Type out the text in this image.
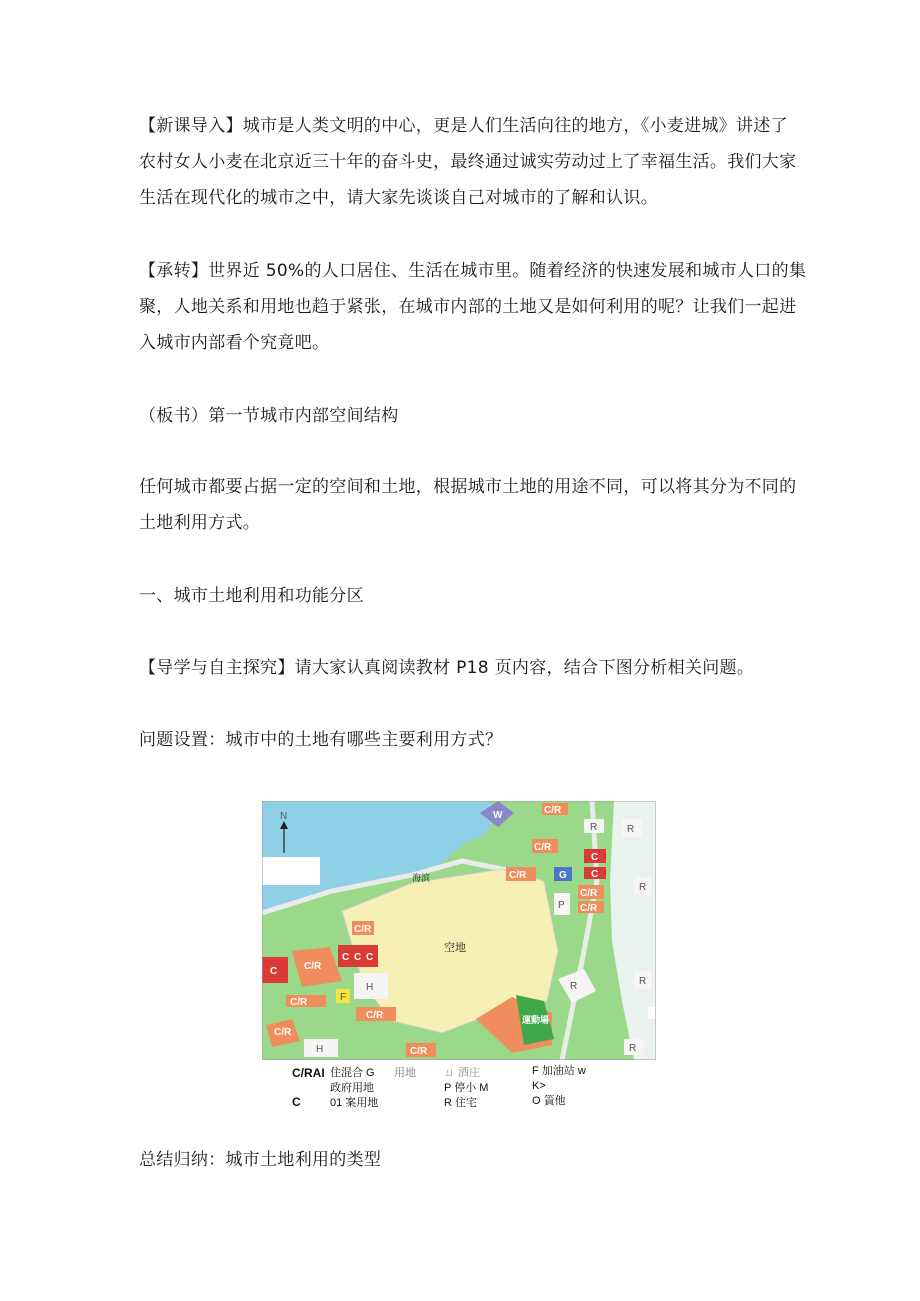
【新课导入】城市是人类文明的中心，更是人们生活向往的地方，《小麦进城》讲述了
农村女人小麦在北京近三十年的奋斗史，最终通过诚实劳动过上了幸福生活。我们大家
生活在现代化的城市之中，请大家先谈谈自己对城市的了解和认识。
【承转】世界近 50%的人口居住、生活在城市里。随着经济的快速发展和城市人口的集
聚，人地关系和用地也趋于紧张，在城市内部的土地又是如何利用的呢？让我们一起进
入城市内部看个究竟吧。
（板书）第一节城市内部空间结构
任何城市都要占据一定的空间和土地，根据城市土地的用途不同，可以将其分为不同的
土地利用方式。
一、城市土地利用和功能分区
【导学与自主探究】请大家认真阅读教材 P18 页内容，结合下图分析相关问题。
问题设置：城市中的土地有哪些主要利用方式？
空地
海滨
N	W	C/R
C/R
C
C
C/R	G
C/R
C/R
P
R	R
R
R
R
R
C	C/R
C C C
C/R
H
F
C/R
C/R
C/R
H	C/R
運動場
C/RAI
C
住混合 G
政府用地
01 案用地
用地	ㄩ 酒庄
P 停小 M
R 住宅
F 加油站 w
K>
O 篢他
总结归纳：城市土地利用的类型
